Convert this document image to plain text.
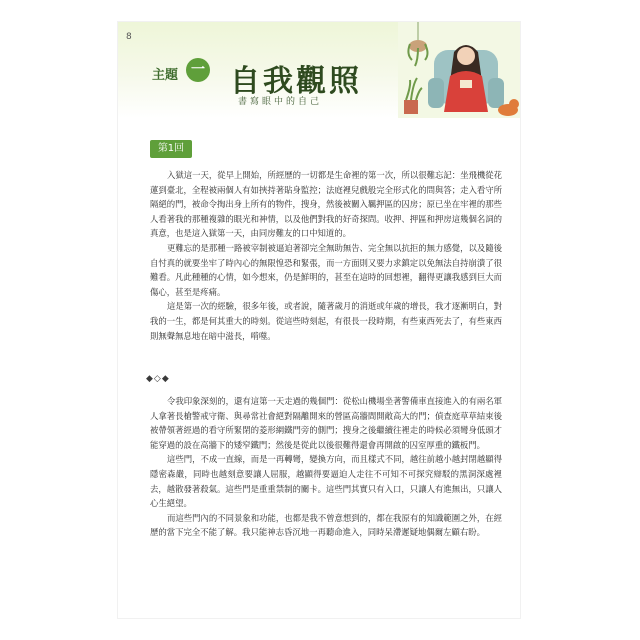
8
主題 一 自我觀照
書寫眼中的自己
第1回

入獄這一天，從早上開始，所經歷的一切都是生命裡的第一次，所以很難忘記：坐飛機從花蓮到臺北，全程被兩個人有如挾持著貼身監控；法庭裡兒戲般完全形式化的問與答；走入看守所隔絕的門，被命令掏出身上所有的物件，搜身，然後被關入羈押區的囚房；原已坐在牢裡的那些人看著我的那種複雜的眼光和神情，以及他們對我的好奇探問。收押、押區和押房這幾個名詞的真意，也是這入獄第一天，由同房難友的口中知道的。

更難忘的是那種一路被宰制被逼迫著卻完全無助無告、完全無以抗拒的無力感覺，以及隨後自忖真的就要坐牢了時內心的無限惶恐和緊張，而一方面則又要力求鎮定以免無法自持崩潰了很難看。凡此種種的心情，如今想來，仍是鮮明的，甚至在這時的回想裡，翻得更讓我感到巨大而傷心，甚至是疼痛。

這是第一次的經驗，很多年後，或者說，隨著歲月的消逝或年歲的增長，我才逐漸明白，對我的一生，都是何其重大的時刻。從這些時刻起，有很長一段時期，有些東西死去了，有些東西則無聲無息地在暗中滋長，啃噬。

◆◇◆

令我印象深刻的，還有這第一天走過的幾個門：從松山機場坐著警備車直接進入的有兩名軍人拿著長槍警戒守衛、與尋常社會絕對隔離開來的營區高牆間開敞高大的門；偵查庭草草結束後被帶領著經過的看守所緊閉的菱形網鐵門旁的側門；搜身之後繼續往裡走的時候必須彎身低頭才能穿過的設在高牆下的矮窄鐵門；然後是從此以後很難得還會再開啟的囚室厚重的鐵板門。

這些門，不成一直線，而是一再轉彎，變換方向，而且樣式不同，越往前越小越封閉越顯得隱密森嚴，同時也越刻意要讓人屈服，越顯得要逼迫人走往不可知不可探究辯駁的黑洞深處裡去，越散發著殺氣。這些門是重重禁制的關卡。這些門其實只有入口，只讓人有進無出，只讓人心生絕望。

而這些門內的不同景象和功能，也都是我不曾意想到的，都在我原有的知識範圍之外，在經歷的當下完全不能了解。我只能神志昏沉地一再聽命進入，同時呆滯遲疑地偶爾左顧右盼。
